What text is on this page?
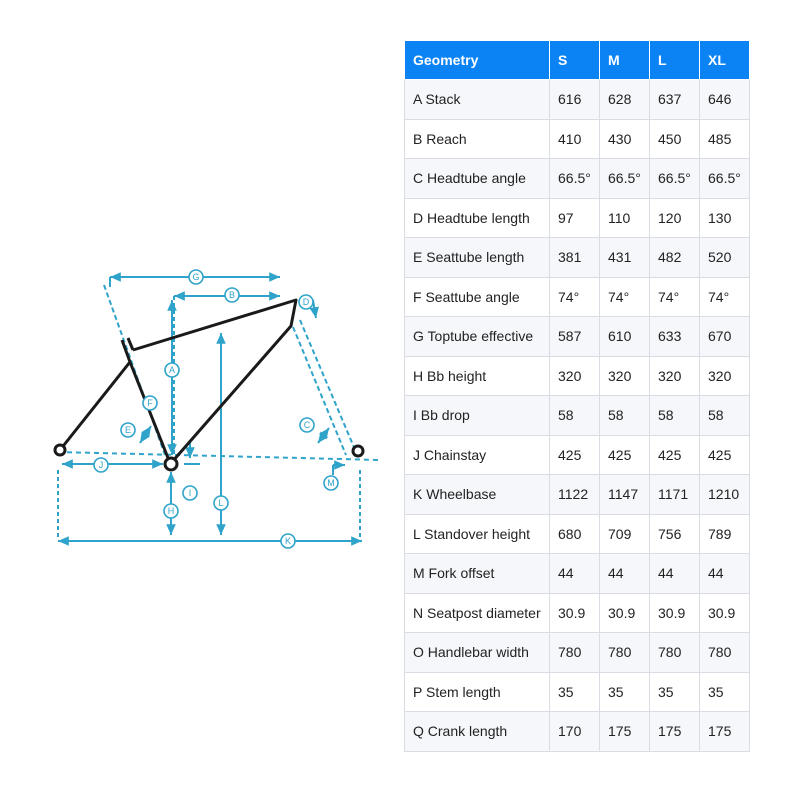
A
B
C
D
E
F
G
H
I
J
K
L
M
Geometry	S	M	L	XL
A Stack	616	628	637	646
B Reach	410	430	450	485
C Headtube angle	66.5°	66.5°	66.5°	66.5°
D Headtube length	97	110	120	130
E Seattube length	381	431	482	520
F Seattube angle	74°	74°	74°	74°
G Toptube effective	587	610	633	670
H Bb height	320	320	320	320
I Bb drop	58	58	58	58
J Chainstay	425	425	425	425
K Wheelbase	1122	1147	1171	1210
L Standover height	680	709	756	789
M Fork offset	44	44	44	44
N Seatpost diameter	30.9	30.9	30.9	30.9
O Handlebar width	780	780	780	780
P Stem length	35	35	35	35
Q Crank length	170	175	175	175
